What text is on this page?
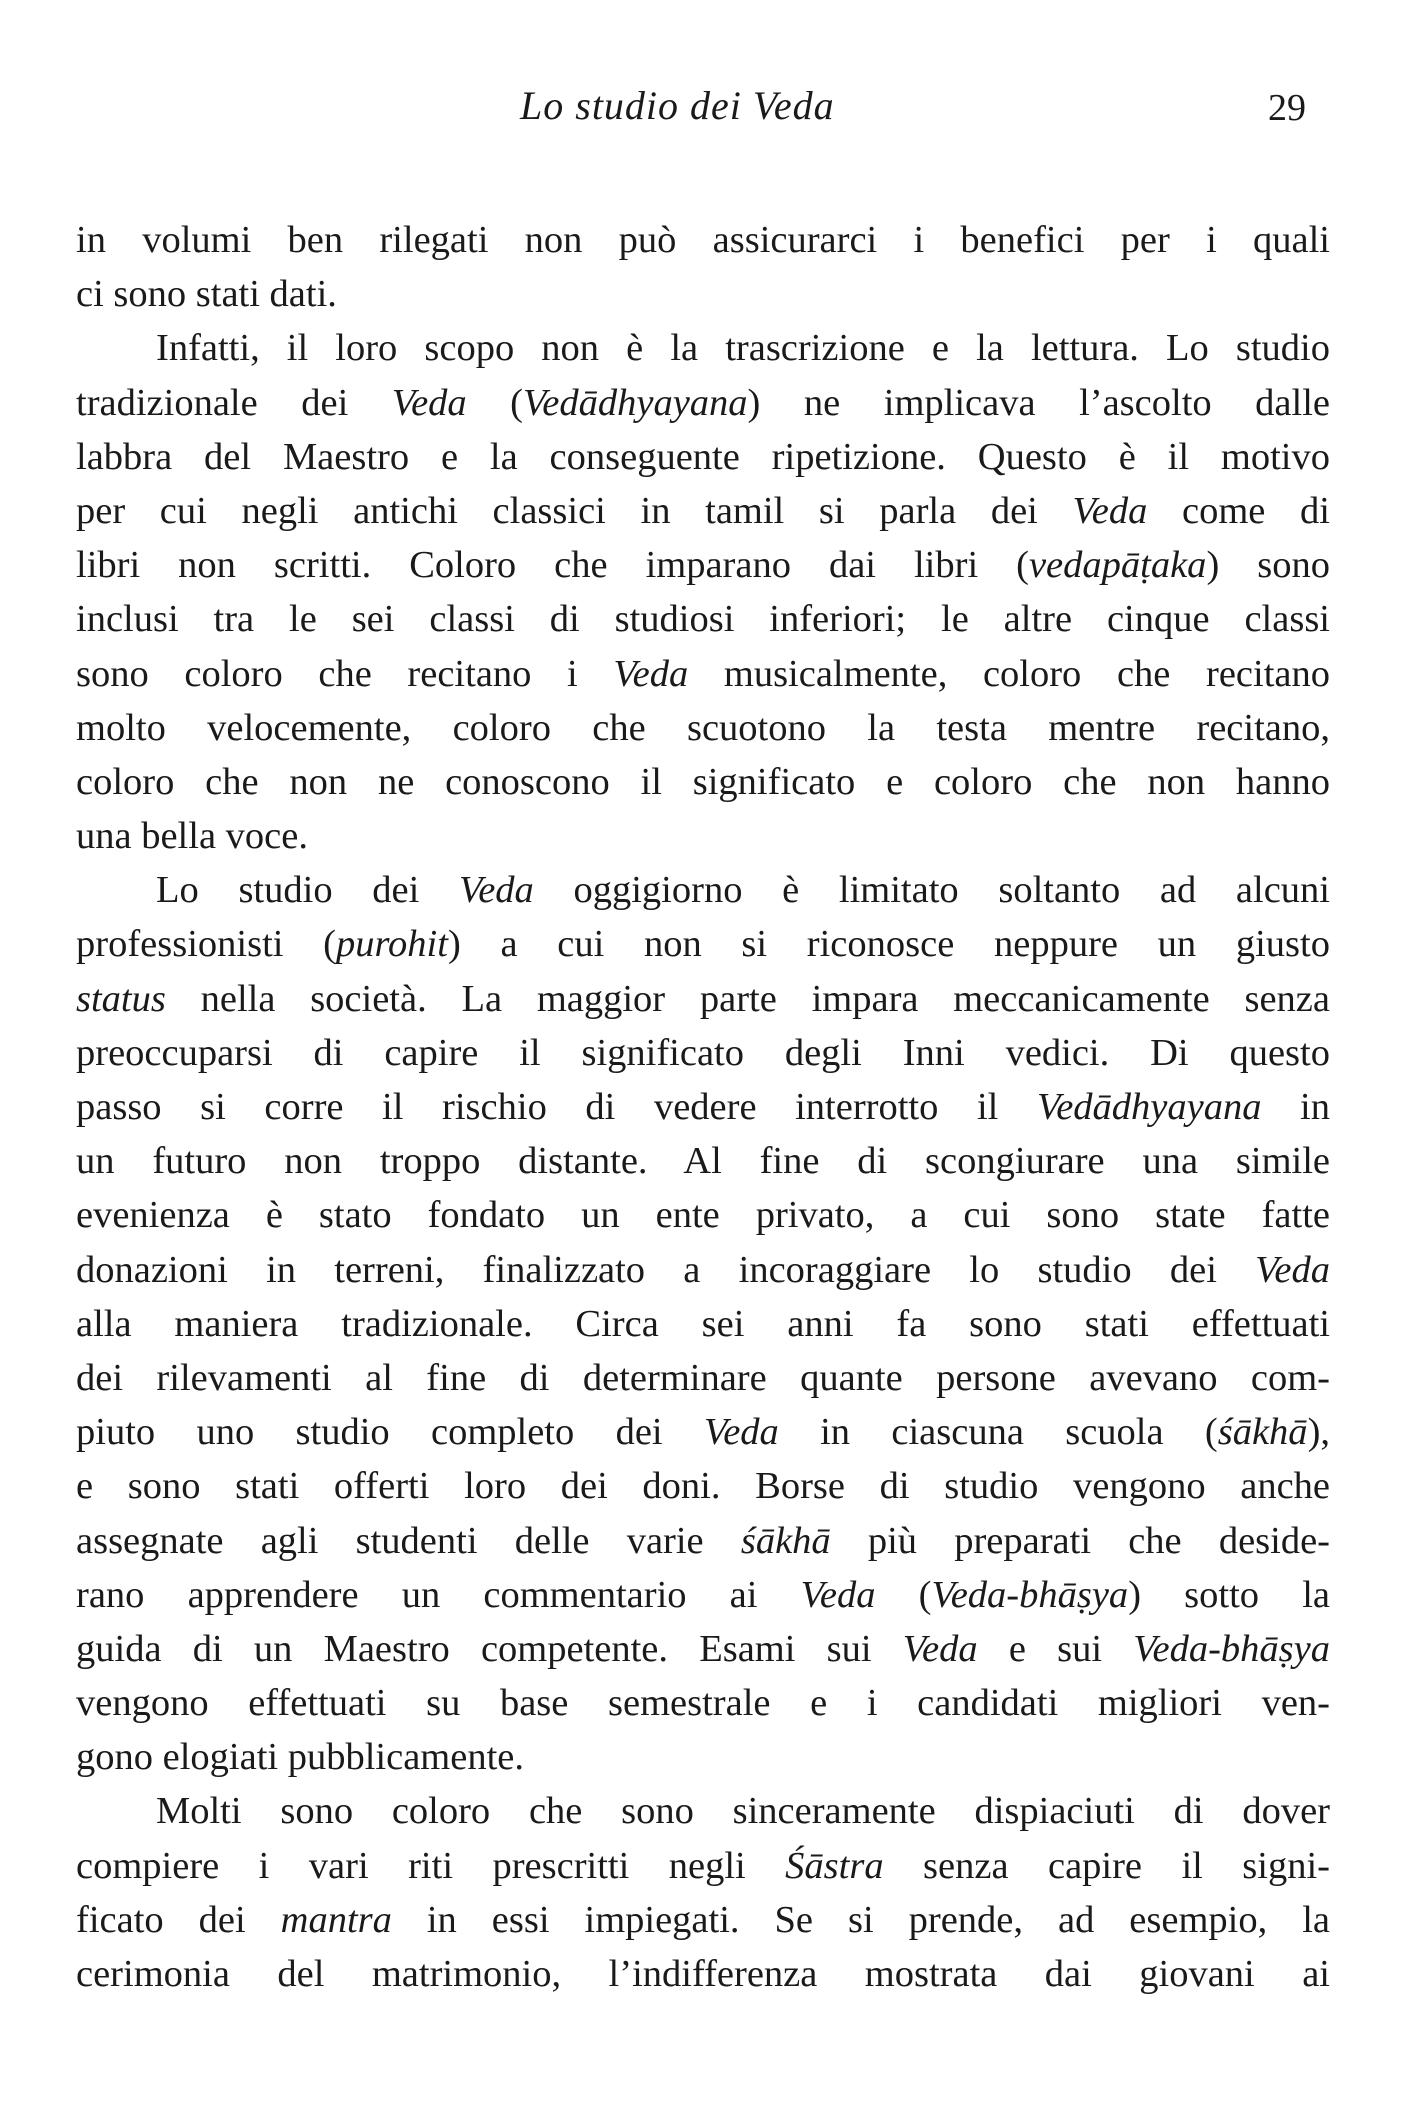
Lo studio dei Veda	29
in volumi ben rilegati non può assicurarci i benefici per i quali
ci sono stati dati.
Infatti, il loro scopo non è la trascrizione e la lettura. Lo studio
tradizionale dei Veda (Vedādhyayana) ne implicava l’ascolto dalle
labbra del Maestro e la conseguente ripetizione. Questo è il motivo
per cui negli antichi classici in tamil si parla dei Veda come di
libri non scritti. Coloro che imparano dai libri (vedapāṭaka) sono
inclusi tra le sei classi di studiosi inferiori; le altre cinque classi
sono coloro che recitano i Veda musicalmente, coloro che recitano
molto velocemente, coloro che scuotono la testa mentre recitano,
coloro che non ne conoscono il significato e coloro che non hanno
una bella voce.
Lo studio dei Veda oggigiorno è limitato soltanto ad alcuni
professionisti (purohit) a cui non si riconosce neppure un giusto
status nella società. La maggior parte impara meccanicamente senza
preoccuparsi di capire il significato degli Inni vedici. Di questo
passo si corre il rischio di vedere interrotto il Vedādhyayana in
un futuro non troppo distante. Al fine di scongiurare una simile
evenienza è stato fondato un ente privato, a cui sono state fatte
donazioni in terreni, finalizzato a incoraggiare lo studio dei Veda
alla maniera tradizionale. Circa sei anni fa sono stati effettuati
dei rilevamenti al fine di determinare quante persone avevano com-
piuto uno studio completo dei Veda in ciascuna scuola (śākhā),
e sono stati offerti loro dei doni. Borse di studio vengono anche
assegnate agli studenti delle varie śākhā più preparati che deside-
rano apprendere un commentario ai Veda (Veda-bhāṣya) sotto la
guida di un Maestro competente. Esami sui Veda e sui Veda-bhāṣya
vengono effettuati su base semestrale e i candidati migliori ven-
gono elogiati pubblicamente.
Molti sono coloro che sono sinceramente dispiaciuti di dover
compiere i vari riti prescritti negli Śāstra senza capire il signi-
ficato dei mantra in essi impiegati. Se si prende, ad esempio, la
cerimonia del matrimonio, l’indifferenza mostrata dai giovani ai
